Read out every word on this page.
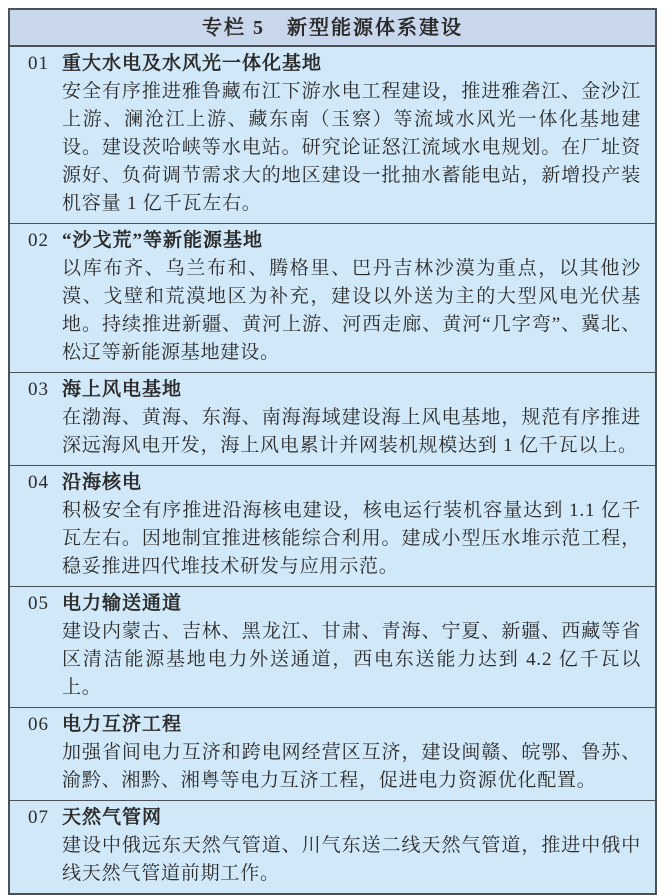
专栏 5　新型能源体系建设
01 重大水电及水风光一体化基地

安全有序推进雅鲁藏布江下游水电工程建设，推进雅砻江、金沙江上游、澜沧江上游、藏东南（玉察）等流域水风光一体化基地建设。建设茨哈峡等水电站。研究论证怒江流域水电规划。在厂址资源好、负荷调节需求大的地区建设一批抽水蓄能电站，新增投产装机容量 1 亿千瓦左右。

02 “沙戈荒”等新能源基地

以库布齐、乌兰布和、腾格里、巴丹吉林沙漠为重点，以其他沙漠、戈壁和荒漠地区为补充，建设以外送为主的大型风电光伏基地。持续推进新疆、黄河上游、河西走廊、黄河“几字弯”、冀北、松辽等新能源基地建设。

03 海上风电基地

在渤海、黄海、东海、南海海域建设海上风电基地，规范有序推进深远海风电开发，海上风电累计并网装机规模达到 1 亿千瓦以上。

04 沿海核电

积极安全有序推进沿海核电建设，核电运行装机容量达到 1.1 亿千瓦左右。因地制宜推进核能综合利用。建成小型压水堆示范工程，稳妥推进四代堆技术研发与应用示范。

05 电力输送通道

建设内蒙古、吉林、黑龙江、甘肃、青海、宁夏、新疆、西藏等省区清洁能源基地电力外送通道，西电东送能力达到 4.2 亿千瓦以上。

06 电力互济工程

加强省间电力互济和跨电网经营区互济，建设闽赣、皖鄂、鲁苏、渝黔、湘黔、湘粤等电力互济工程，促进电力资源优化配置。

07 天然气管网

建设中俄远东天然气管道、川气东送二线天然气管道，推进中俄中线天然气管道前期工作。
